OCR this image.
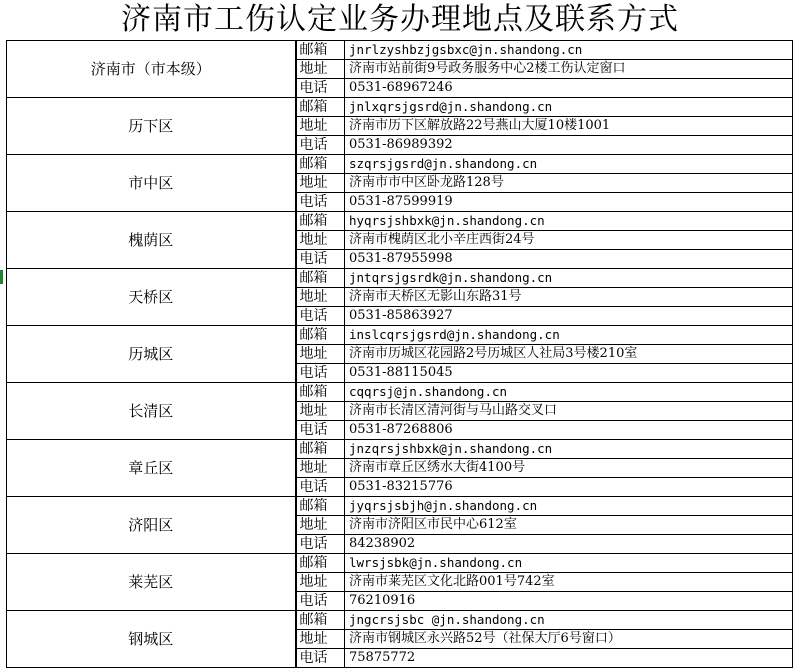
济南市工伤认定业务办理地点及联系方式
济南市（市本级）	邮箱	jnrlzyshbzjgsbxc@jn.shandong.cn
	地址	济南市站前街9号政务服务中心2楼工伤认定窗口
	电话	0531-68967246
历下区	邮箱	jnlxqrsjgsrd@jn.shandong.cn
	地址	济南市历下区解放路22号燕山大厦10楼1001
	电话	0531-86989392
市中区	邮箱	szqrsjgsrd@jn.shandong.cn
	地址	济南市市中区卧龙路128号
	电话	0531-87599919
槐荫区	邮箱	hyqrsjshbxk@jn.shandong.cn
	地址	济南市槐荫区北小辛庄西街24号
	电话	0531-87955998
天桥区	邮箱	jntqrsjgsrdk@jn.shandong.cn
	地址	济南市天桥区无影山东路31号
	电话	0531-85863927
历城区	邮箱	inslcqrsjgsrd@jn.shandong.cn
	地址	济南市历城区花园路2号历城区人社局3号楼210室
	电话	0531-88115045
长清区	邮箱	cqqrsj@jn.shandong.cn
	地址	济南市长清区清河街与马山路交叉口
	电话	0531-87268806
章丘区	邮箱	jnzqrsjshbxk@jn.shandong.cn
	地址	济南市章丘区绣水大街4100号
	电话	0531-83215776
济阳区	邮箱	jyqrsjsbjh@jn.shandong.cn
	地址	济南市济阳区市民中心612室
	电话	84238902
莱芜区	邮箱	lwrsjsbk@jn.shandong.cn
	地址	济南市莱芜区文化北路001号742室
	电话	76210916
钢城区	邮箱	jngcrsjsbc @jn.shandong.cn
	地址	济南市钢城区永兴路52号（社保大厅6号窗口）
	电话	75875772
